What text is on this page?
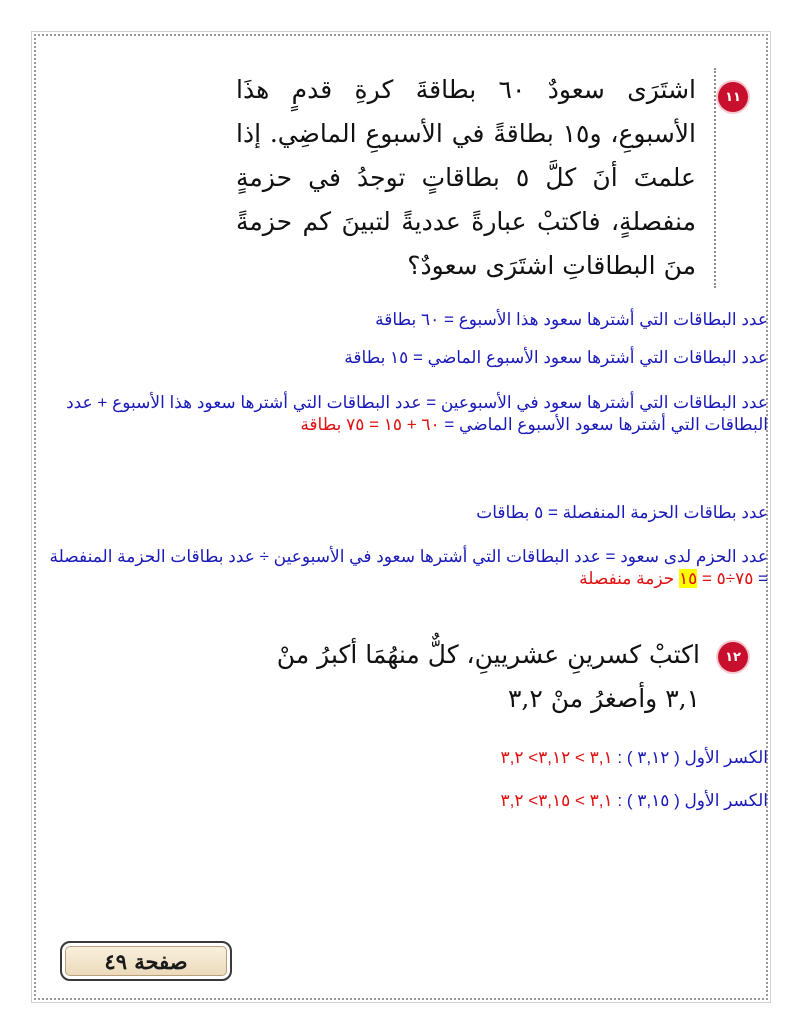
١١

اشتَرَى سعودٌ ٦٠ بطاقةَ كرةِ قدمٍ هذَا الأسبوعِ، و١٥ بطاقةً في الأسبوعِ الماضِي. إذا علمتَ أنَ كلَّ ٥ بطاقاتٍ توجدُ في حزمةٍ منفصلةٍ، فاكتبْ عبارةً عدديةً لتبينَ كم حزمةً منَ البطاقاتِ اشتَرَى سعودٌ؟

عدد البطاقات التي أشترها سعود هذا الأسبوع = ٦٠ بطاقة

عدد البطاقات التي أشترها سعود الأسبوع الماضي = ١٥ بطاقة

عدد البطاقات التي أشترها سعود في الأسبوعين = عدد البطاقات التي أشترها سعود هذا الأسبوع + عدد البطاقات التي أشترها سعود الأسبوع الماضي = ٦٠ + ١٥ = ٧٥ بطاقة

عدد بطاقات الحزمة المنفصلة = ٥ بطاقات

عدد الحزم لدى سعود = عدد البطاقات التي أشترها سعود في الأسبوعين ÷ عدد بطاقات الحزمة المنفصلة = ٧٥÷٥ = ١٥ حزمة منفصلة

١٢

اكتبْ كسرينِ عشريينِ، كلٌّ منهُمَا أكبرُ منْ ٣,١ وأصغرُ منْ ٣,٢

الكسر الأول ( ٣,١٢ ) : ٣,١ > ٣,١٢> ٣,٢

الكسر الأول ( ٣,١٥ ) : ٣,١ > ٣,١٥> ٣,٢

صفحة ٤٩
